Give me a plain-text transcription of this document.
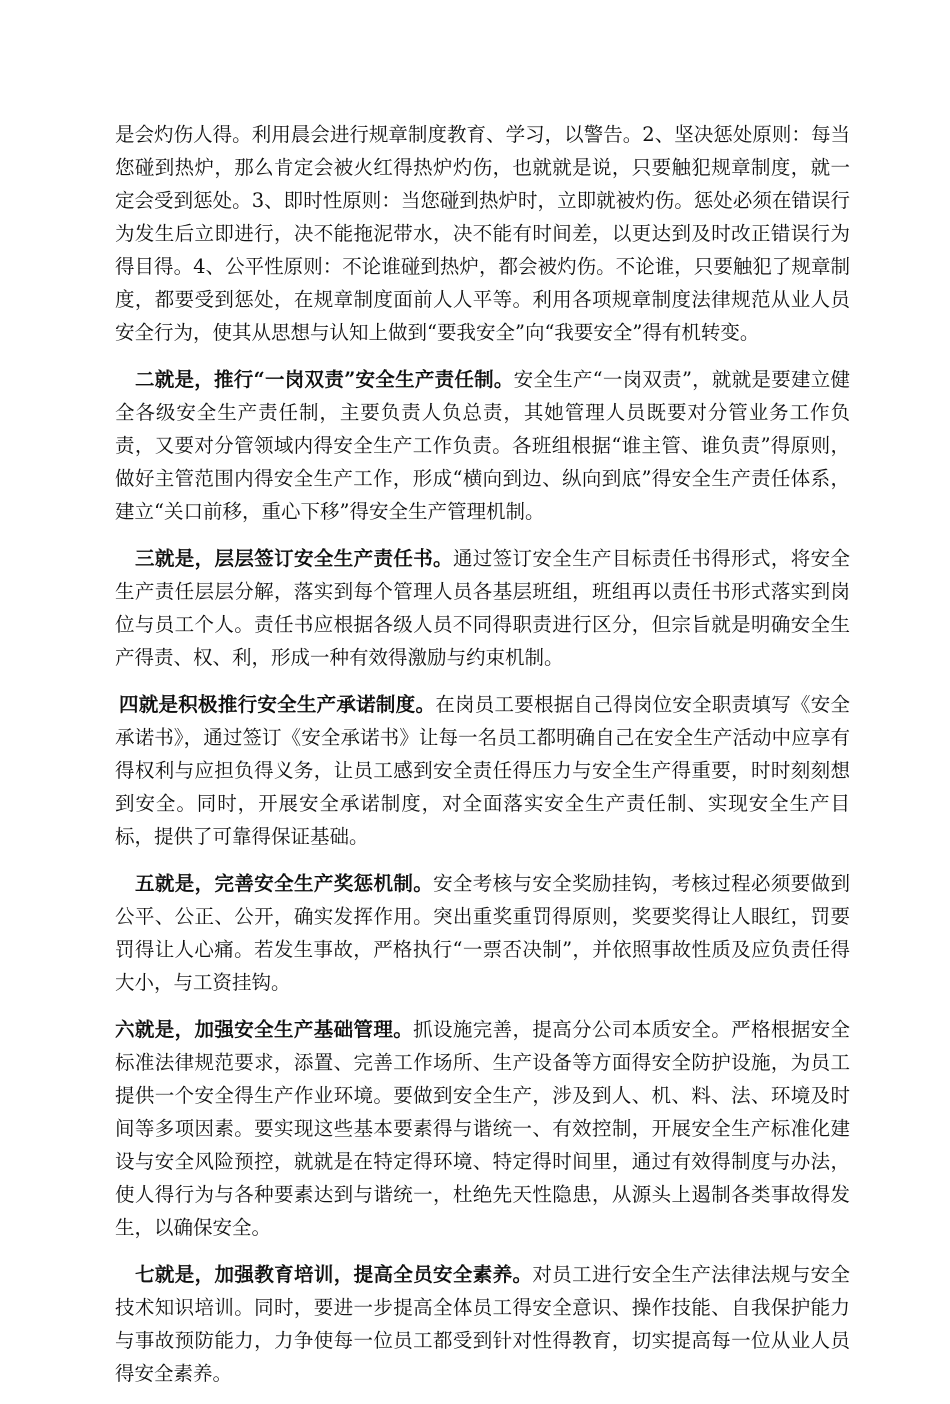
是会灼伤人得。利用晨会进行规章制度教育、学习，以警告。2、坚决惩处原则：每当您碰到热炉，那么肯定会被火红得热炉灼伤，也就就是说，只要触犯规章制度，就一定会受到惩处。3、即时性原则：当您碰到热炉时，立即就被灼伤。惩处必须在错误行为发生后立即进行，决不能拖泥带水，决不能有时间差，以更达到及时改正错误行为得目得。4、公平性原则：不论谁碰到热炉，都会被灼伤。不论谁，只要触犯了规章制度，都要受到惩处，在规章制度面前人人平等。利用各项规章制度法律规范从业人员安全行为，使其从思想与认知上做到“要我安全”向“我要安全”得有机转变。

二就是，推行“一岗双责”安全生产责任制。安全生产“一岗双责”，就就是要建立健全各级安全生产责任制，主要负责人负总责，其她管理人员既要对分管业务工作负责，又要对分管领域内得安全生产工作负责。各班组根据“谁主管、谁负责”得原则，做好主管范围内得安全生产工作，形成“横向到边、纵向到底”得安全生产责任体系，建立“关口前移，重心下移”得安全生产管理机制。

三就是，层层签订安全生产责任书。通过签订安全生产目标责任书得形式，将安全生产责任层层分解，落实到每个管理人员各基层班组，班组再以责任书形式落实到岗位与员工个人。责任书应根据各级人员不同得职责进行区分，但宗旨就是明确安全生产得责、权、利，形成一种有效得激励与约束机制。

四就是积极推行安全生产承诺制度。在岗员工要根据自己得岗位安全职责填写《安全承诺书》，通过签订《安全承诺书》让每一名员工都明确自己在安全生产活动中应享有得权利与应担负得义务，让员工感到安全责任得压力与安全生产得重要，时时刻刻想到安全。同时，开展安全承诺制度，对全面落实安全生产责任制、实现安全生产目标，提供了可靠得保证基础。

五就是，完善安全生产奖惩机制。安全考核与安全奖励挂钩，考核过程必须要做到公平、公正、公开，确实发挥作用。突出重奖重罚得原则，奖要奖得让人眼红，罚要罚得让人心痛。若发生事故，严格执行“一票否决制”，并依照事故性质及应负责任得大小，与工资挂钩。

六就是，加强安全生产基础管理。抓设施完善，提高分公司本质安全。严格根据安全标准法律规范要求，添置、完善工作场所、生产设备等方面得安全防护设施，为员工提供一个安全得生产作业环境。要做到安全生产，涉及到人、机、料、法、环境及时间等多项因素。要实现这些基本要素得与谐统一、有效控制，开展安全生产标准化建设与安全风险预控，就就是在特定得环境、特定得时间里，通过有效得制度与办法，使人得行为与各种要素达到与谐统一，杜绝先天性隐患，从源头上遏制各类事故得发生，以确保安全。

七就是，加强教育培训，提高全员安全素养。对员工进行安全生产法律法规与安全技术知识培训。同时，要进一步提高全体员工得安全意识、操作技能、自我保护能力与事故预防能力，力争使每一位员工都受到针对性得教育，切实提高每一位从业人员得安全素养。
